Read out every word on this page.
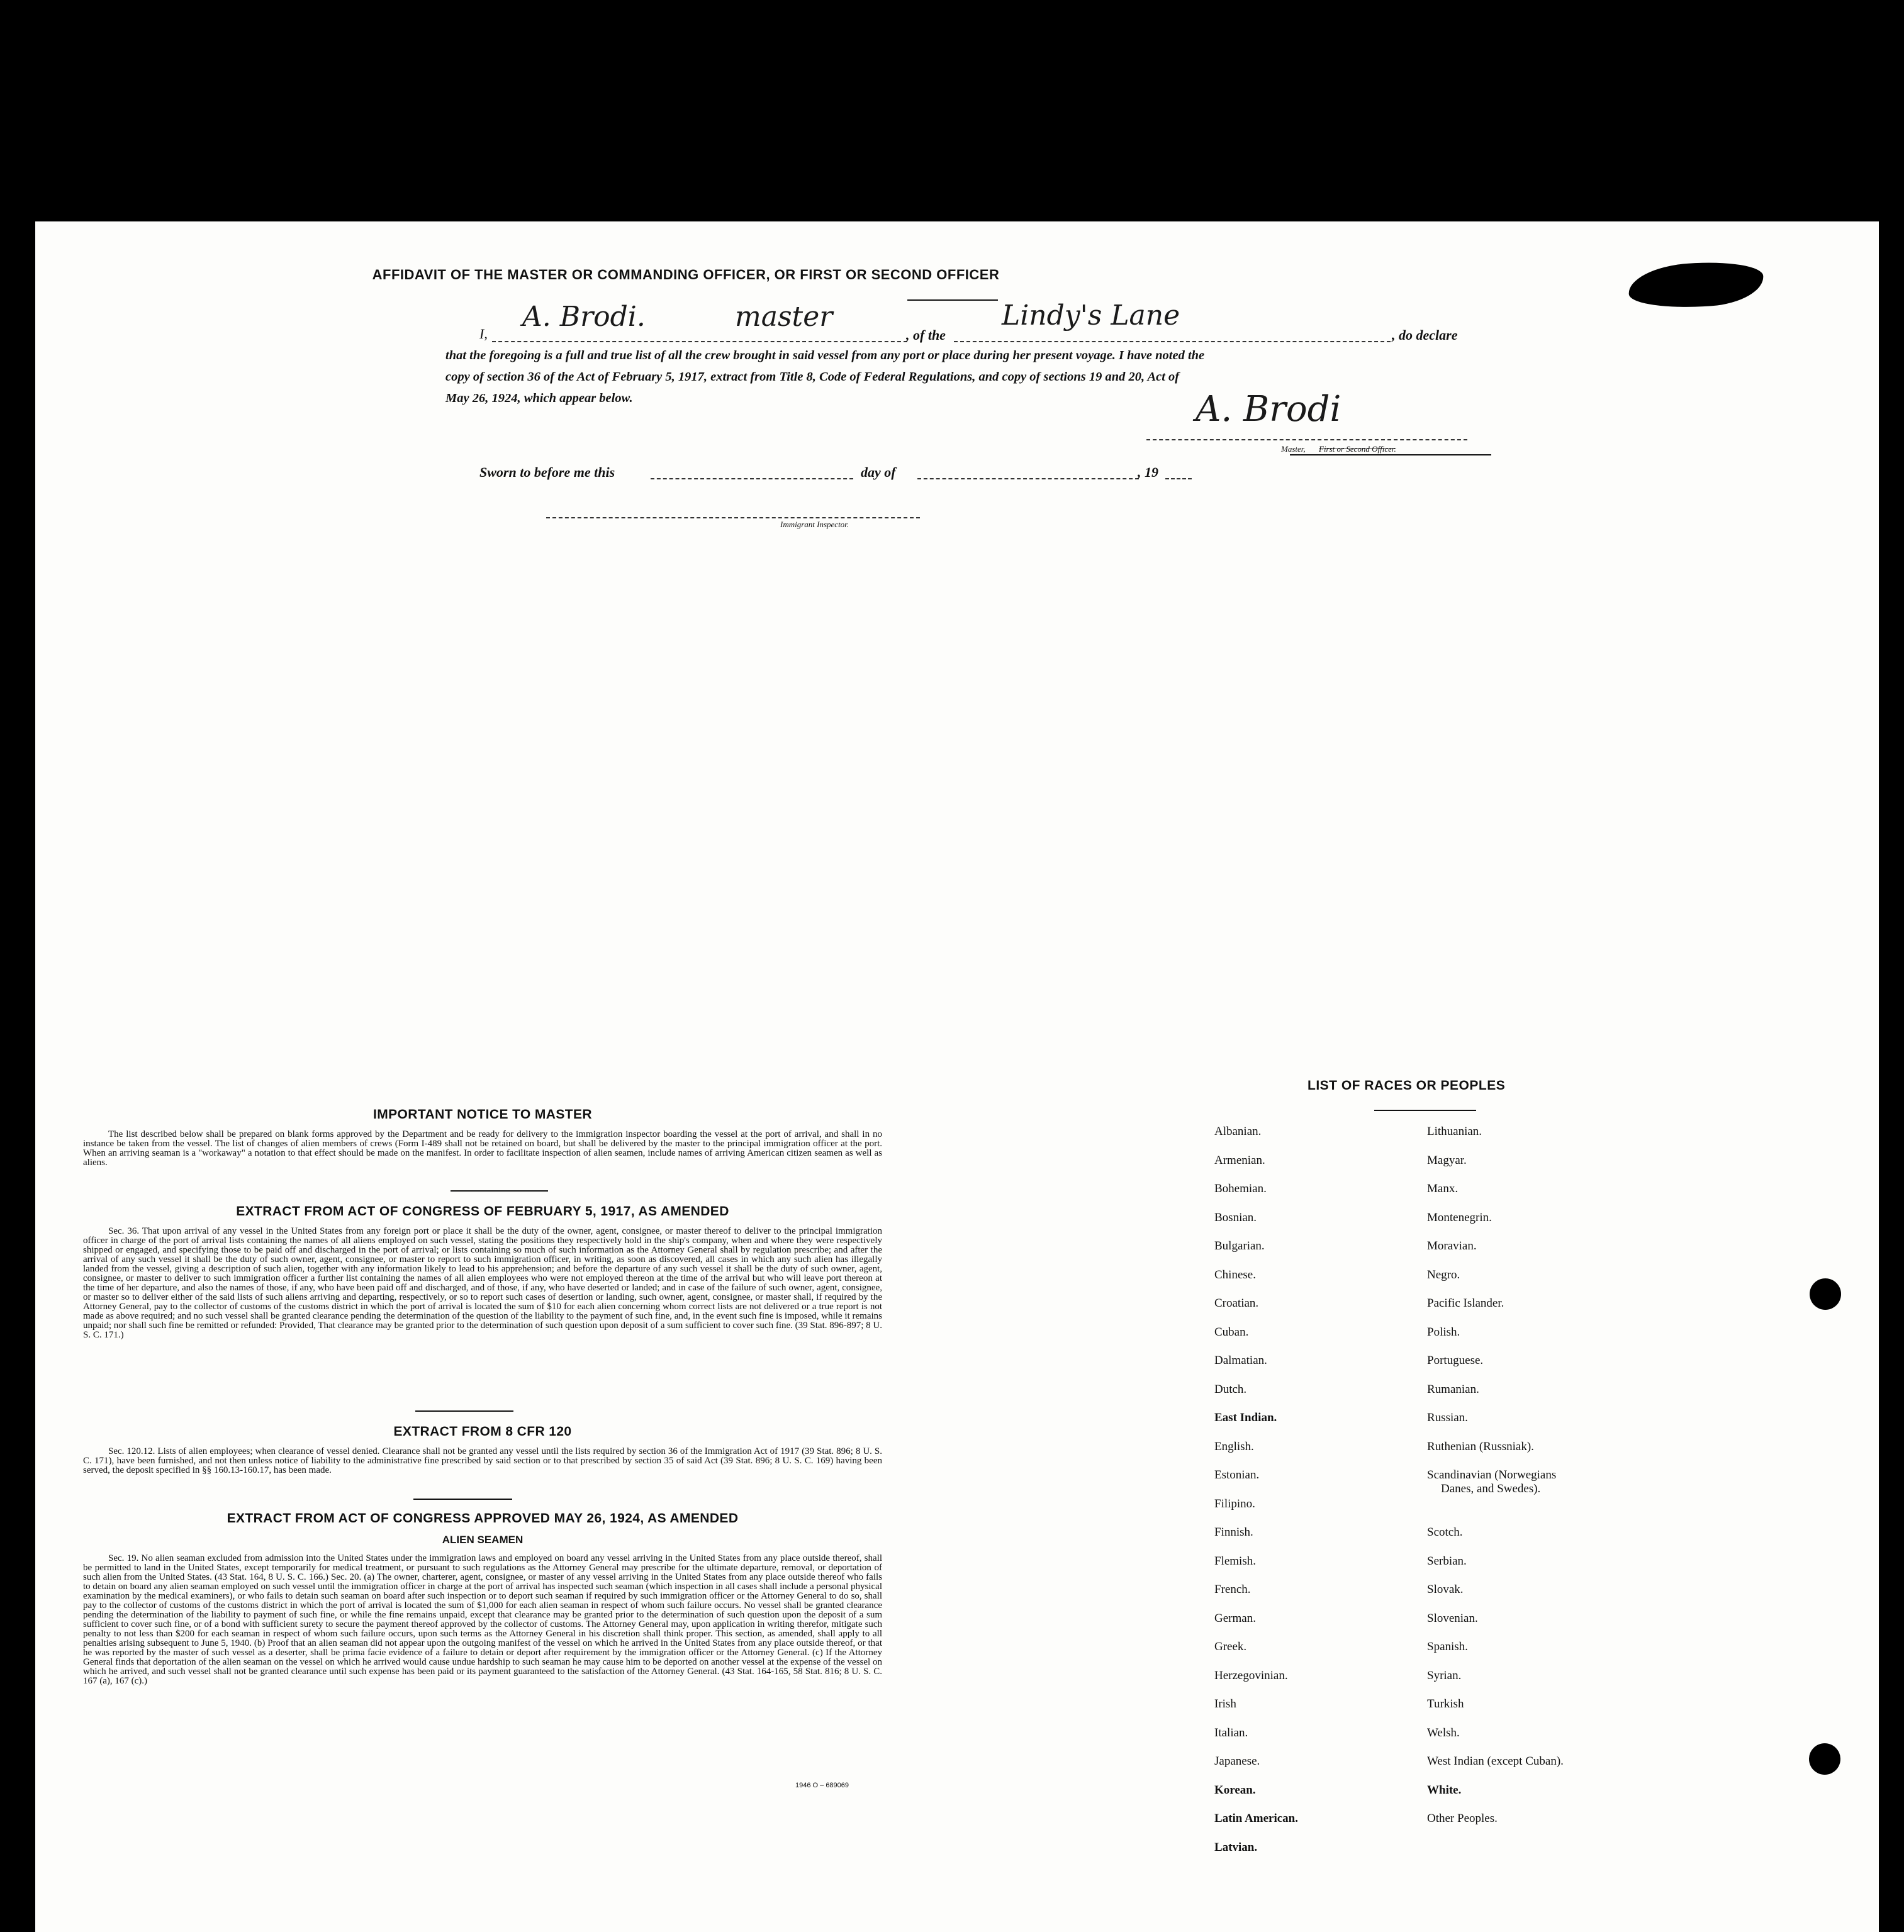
AFFIDAVIT OF THE MASTER OR COMMANDING OFFICER, OR FIRST OR SECOND OFFICER
I,
A. Brodi.	master
, of the
Lindy's Lane
, do declare
that the foregoing is a full and true list of all the crew brought in said vessel from any port or place during her present voyage. I have noted the
copy of section 36 of the Act of February 5, 1917, extract from Title 8, Code of Federal Regulations, and copy of sections 19 and 20, Act of
May 26, 1924, which appear below.	A. Brodi
Master, First or Second Officer.
Sworn to before me this	day of	, 19
Immigrant Inspector.
IMPORTANT NOTICE TO MASTER
The list described below shall be prepared on blank forms approved by the Department and be ready for delivery to the immigration inspector boarding the vessel at the port of arrival, and shall in no instance be taken from the vessel. The list of changes of alien members of crews (Form I-489 shall not be retained on board, but shall be delivered by the master to the principal immigration officer at the port. When an arriving seaman is a "workaway" a notation to that effect should be made on the manifest. In order to facilitate inspection of alien seamen, include names of arriving American citizen seamen as well as aliens.
EXTRACT FROM ACT OF CONGRESS OF FEBRUARY 5, 1917, AS AMENDED
Sec. 36. That upon arrival of any vessel in the United States from any foreign port or place it shall be the duty of the owner, agent, consignee, or master thereof to deliver to the principal immigration officer in charge of the port of arrival lists containing the names of all aliens employed on such vessel, stating the positions they respectively hold in the ship's company, when and where they were respectively shipped or engaged, and specifying those to be paid off and discharged in the port of arrival; or lists containing so much of such information as the Attorney General shall by regulation prescribe; and after the arrival of any such vessel it shall be the duty of such owner, agent, consignee, or master to report to such immigration officer, in writing, as soon as discovered, all cases in which any such alien has illegally landed from the vessel, giving a description of such alien, together with any information likely to lead to his apprehension; and before the departure of any such vessel it shall be the duty of such owner, agent, consignee, or master to deliver to such immigration officer a further list containing the names of all alien employees who were not employed thereon at the time of the arrival but who will leave port thereon at the time of her departure, and also the names of those, if any, who have been paid off and discharged, and of those, if any, who have deserted or landed; and in case of the failure of such owner, agent, consignee, or master so to deliver either of the said lists of such aliens arriving and departing, respectively, or so to report such cases of desertion or landing, such owner, agent, consignee, or master shall, if required by the Attorney General, pay to the collector of customs of the customs district in which the port of arrival is located the sum of $10 for each alien concerning whom correct lists are not delivered or a true report is not made as above required; and no such vessel shall be granted clearance pending the determination of the question of the liability to the payment of such fine, and, in the event such fine is imposed, while it remains unpaid; nor shall such fine be remitted or refunded: Provided, That clearance may be granted prior to the determination of such question upon deposit of a sum sufficient to cover such fine. (39 Stat. 896-897; 8 U. S. C. 171.)
EXTRACT FROM 8 CFR 120
Sec. 120.12. Lists of alien employees; when clearance of vessel denied. Clearance shall not be granted any vessel until the lists required by section 36 of the Immigration Act of 1917 (39 Stat. 896; 8 U. S. C. 171), have been furnished, and not then unless notice of liability to the administrative fine prescribed by said section or to that prescribed by section 35 of said Act (39 Stat. 896; 8 U. S. C. 169) having been served, the deposit specified in §§ 160.13-160.17, has been made.
EXTRACT FROM ACT OF CONGRESS APPROVED MAY 26, 1924, AS AMENDED
ALIEN SEAMEN
Sec. 19. No alien seaman excluded from admission into the United States under the immigration laws and employed on board any vessel arriving in the United States from any place outside thereof, shall be permitted to land in the United States, except temporarily for medical treatment, or pursuant to such regulations as the Attorney General may prescribe for the ultimate departure, removal, or deportation of such alien from the United States. (43 Stat. 164, 8 U. S. C. 166.) Sec. 20. (a) The owner, charterer, agent, consignee, or master of any vessel arriving in the United States from any place outside thereof who fails to detain on board any alien seaman employed on such vessel until the immigration officer in charge at the port of arrival has inspected such seaman (which inspection in all cases shall include a personal physical examination by the medical examiners), or who fails to detain such seaman on board after such inspection or to deport such seaman if required by such immigration officer or the Attorney General to do so, shall pay to the collector of customs of the customs district in which the port of arrival is located the sum of $1,000 for each alien seaman in respect of whom such failure occurs. No vessel shall be granted clearance pending the determination of the liability to payment of such fine, or while the fine remains unpaid, except that clearance may be granted prior to the determination of such question upon the deposit of a sum sufficient to cover such fine, or of a bond with sufficient surety to secure the payment thereof approved by the collector of customs. The Attorney General may, upon application in writing therefor, mitigate such penalty to not less than $200 for each seaman in respect of whom such failure occurs, upon such terms as the Attorney General in his discretion shall think proper. This section, as amended, shall apply to all penalties arising subsequent to June 5, 1940. (b) Proof that an alien seaman did not appear upon the outgoing manifest of the vessel on which he arrived in the United States from any place outside thereof, or that he was reported by the master of such vessel as a deserter, shall be prima facie evidence of a failure to detain or deport after requirement by the immigration officer or the Attorney General. (c) If the Attorney General finds that deportation of the alien seaman on the vessel on which he arrived would cause undue hardship to such seaman he may cause him to be deported on another vessel at the expense of the vessel on which he arrived, and such vessel shall not be granted clearance until such expense has been paid or its payment guaranteed to the satisfaction of the Attorney General. (43 Stat. 164-165, 58 Stat. 816; 8 U. S. C. 167 (a), 167 (c).)
1946 O – 689069
LIST OF RACES OR PEOPLES
Albanian.
Armenian.
Bohemian.
Bosnian.
Bulgarian.
Chinese.
Croatian.
Cuban.
Dalmatian.
Dutch.
East Indian.
English.
Estonian.
Filipino.
Finnish.
Flemish.
French.
German.
Greek.
Herzegovinian.
Irish
Italian.
Japanese.
Korean.
Latin American.
Latvian.
Lithuanian.
Magyar.
Manx.
Montenegrin.
Moravian.
Negro.
Pacific Islander.
Polish.
Portuguese.
Rumanian.
Russian.
Ruthenian (Russniak).
Scandinavian (Norwegians
Danes, and Swedes).
Scotch.
Serbian.
Slovak.
Slovenian.
Spanish.
Syrian.
Turkish
Welsh.
West Indian (except Cuban).
White.
Other Peoples.
